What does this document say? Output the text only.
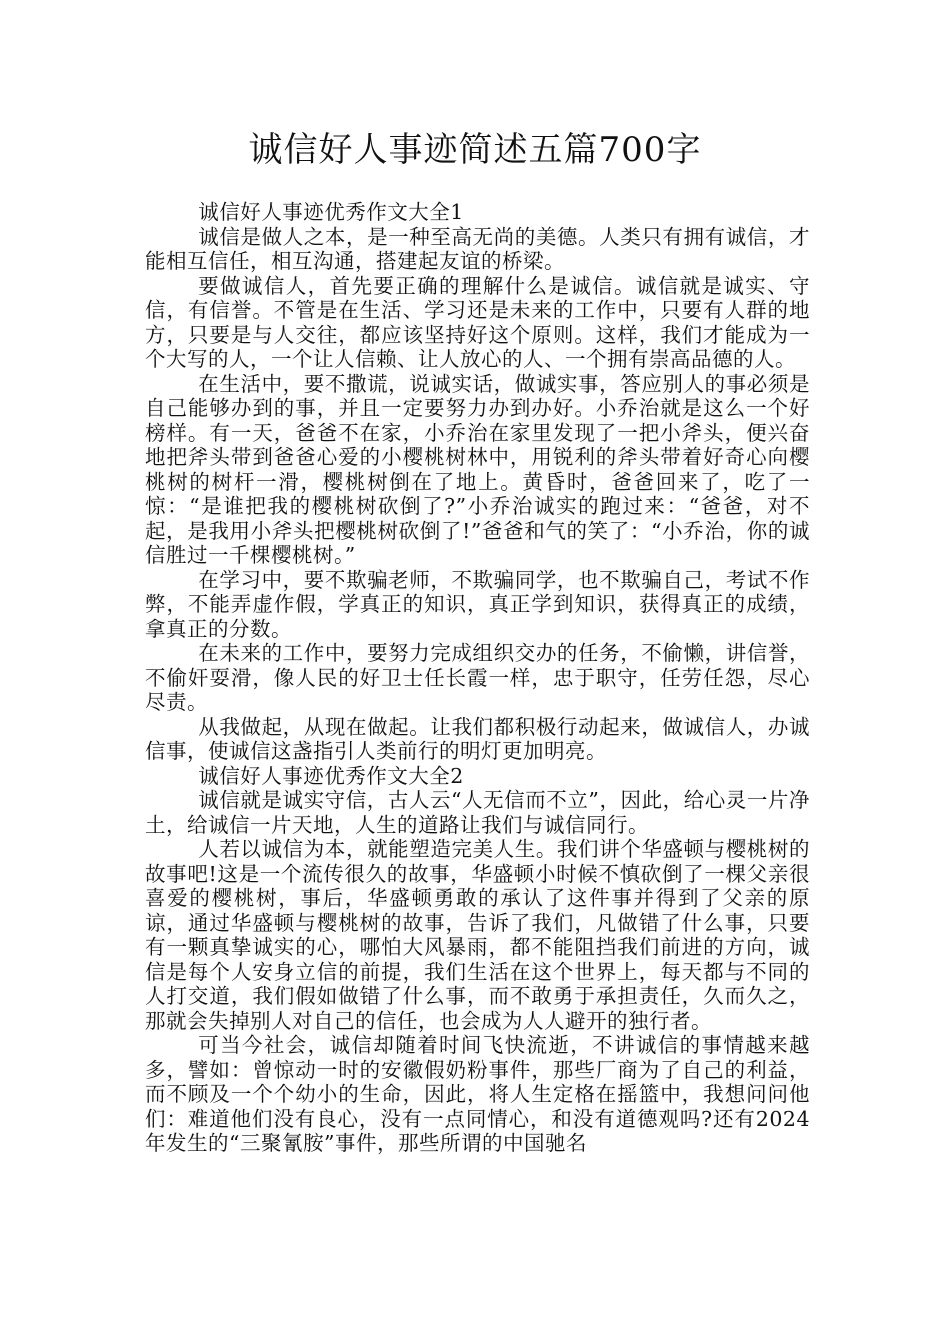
诚信好人事迹简述五篇700字

诚信好人事迹优秀作文大全1

诚信是做人之本，是一种至高无尚的美德。人类只有拥有诚信，才能相互信任，相互沟通，搭建起友谊的桥梁。

要做诚信人，首先要正确的理解什么是诚信。诚信就是诚实、守信，有信誉。不管是在生活、学习还是未来的工作中，只要有人群的地方，只要是与人交往，都应该坚持好这个原则。这样，我们才能成为一个大写的人，一个让人信赖、让人放心的人、一个拥有崇高品德的人。

在生活中，要不撒谎，说诚实话，做诚实事，答应别人的事必须是自己能够办到的事，并且一定要努力办到办好。小乔治就是这么一个好榜样。有一天，爸爸不在家，小乔治在家里发现了一把小斧头，便兴奋地把斧头带到爸爸心爱的小樱桃树林中，用锐利的斧头带着好奇心向樱桃树的树杆一滑，樱桃树倒在了地上。黄昏时，爸爸回来了，吃了一惊：“是谁把我的樱桃树砍倒了?”小乔治诚实的跑过来：“爸爸，对不起，是我用小斧头把樱桃树砍倒了!”爸爸和气的笑了：“小乔治，你的诚信胜过一千棵樱桃树。”

在学习中，要不欺骗老师，不欺骗同学，也不欺骗自己，考试不作弊，不能弄虚作假，学真正的知识，真正学到知识，获得真正的成绩，拿真正的分数。

在未来的工作中，要努力完成组织交办的任务，不偷懒，讲信誉，不偷奸耍滑，像人民的好卫士任长霞一样，忠于职守，任劳任怨，尽心尽责。

从我做起，从现在做起。让我们都积极行动起来，做诚信人，办诚信事，使诚信这盏指引人类前行的明灯更加明亮。

诚信好人事迹优秀作文大全2

诚信就是诚实守信，古人云“人无信而不立”，因此，给心灵一片净土，给诚信一片天地，人生的道路让我们与诚信同行。

人若以诚信为本，就能塑造完美人生。我们讲个华盛顿与樱桃树的故事吧!这是一个流传很久的故事，华盛顿小时候不慎砍倒了一棵父亲很喜爱的樱桃树，事后，华盛顿勇敢的承认了这件事并得到了父亲的原谅，通过华盛顿与樱桃树的故事，告诉了我们，凡做错了什么事，只要有一颗真挚诚实的心，哪怕大风暴雨，都不能阻挡我们前进的方向，诚信是每个人安身立信的前提，我们生活在这个世界上，每天都与不同的人打交道，我们假如做错了什么事，而不敢勇于承担责任，久而久之，那就会失掉别人对自己的信任，也会成为人人避开的独行者。

可当今社会，诚信却随着时间飞快流逝，不讲诚信的事情越来越多，譬如：曾惊动一时的安徽假奶粉事件，那些厂商为了自己的利益，而不顾及一个个幼小的生命，因此，将人生定格在摇篮中，我想问问他们：难道他们没有良心，没有一点同情心，和没有道德观吗?还有2024年发生的“三聚氰胺”事件，那些所谓的中国驰名
